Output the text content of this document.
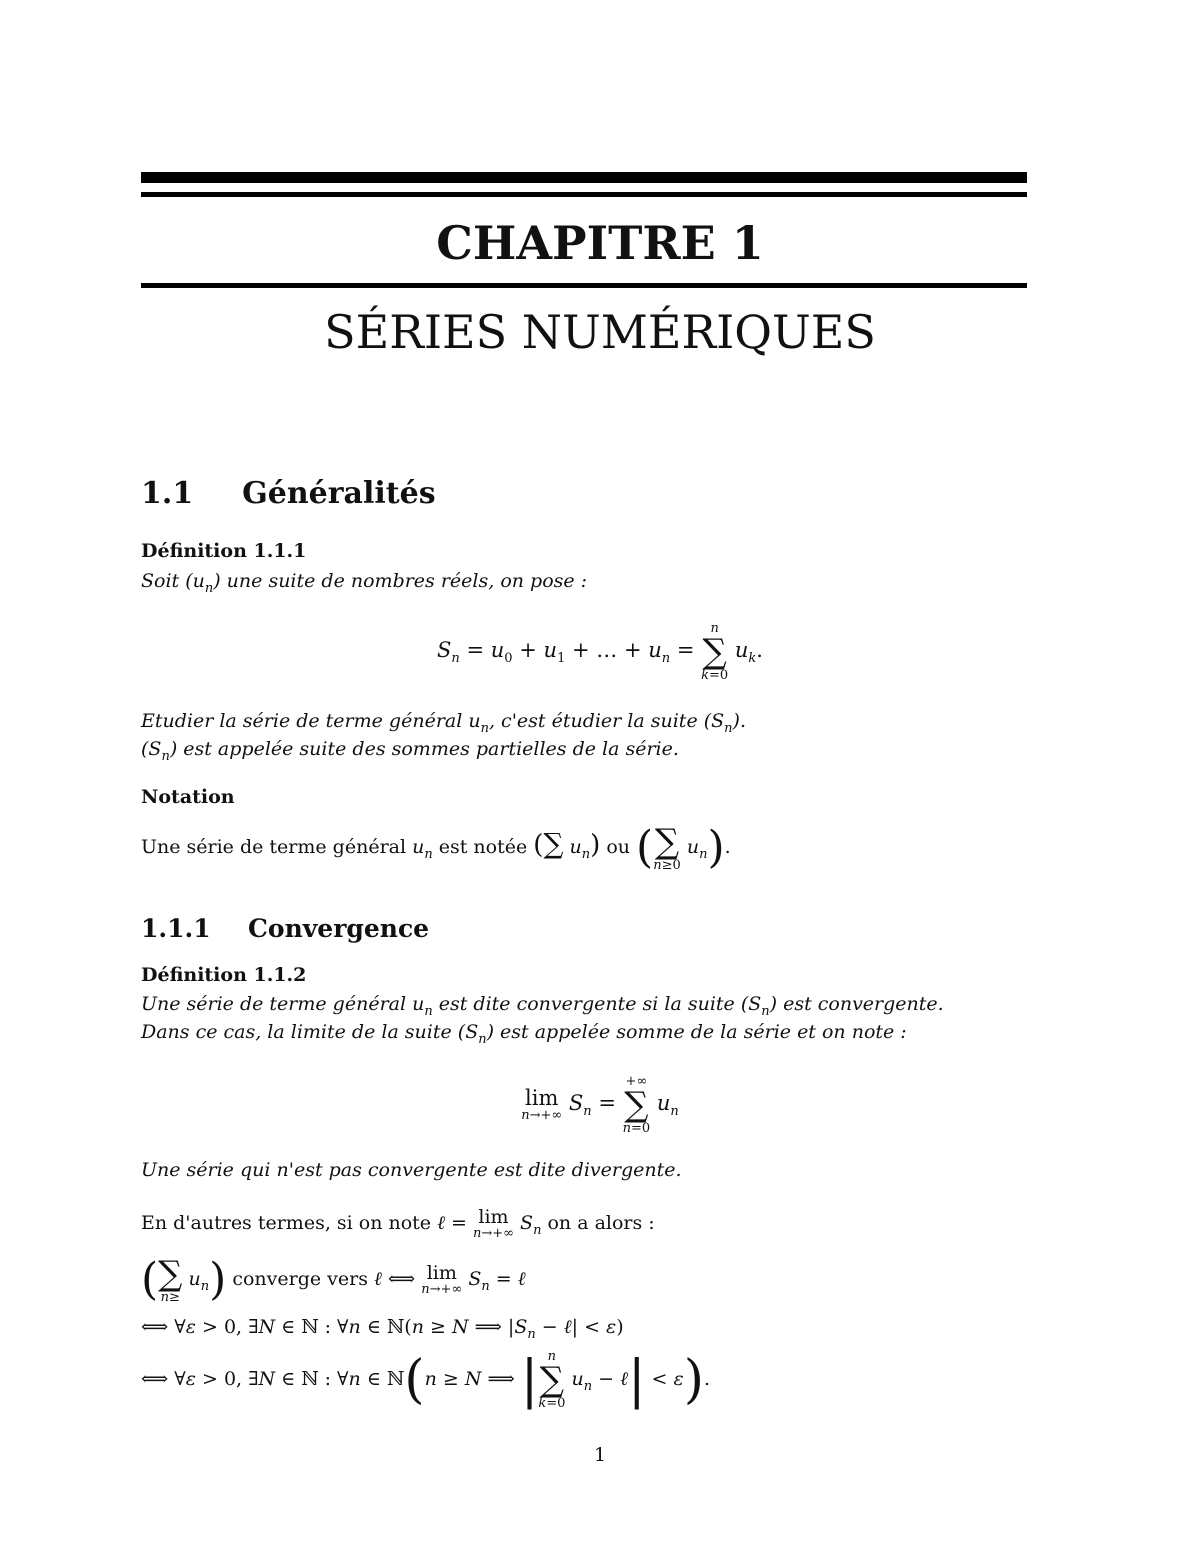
CHAPITRE 1
SÉRIES NUMÉRIQUES
1.1 Généralités
Définition 1.1.1
Soit $(u_n)$ une suite de nombres réels, on pose :
$S_n = u_0 + u_1$ + … + $u_n$ =
n
∑
k=0
$u_k$.
Etudier la série de terme général $u_n$, c'est étudier la suite $(S_n)$.
$(S_n)$ est appelée suite des sommes partielles de la série.
Notation
Une série de terme général $u_n$ est notée (∑ $u_n$) ou ( ∑
n≥0
$u_n$).
1.1.1 Convergence
Définition 1.1.2
Une série de terme général $u_n$ est dite convergente si la suite $(S_n)$ est convergente.
Dans ce cas, la limite de la suite $(S_n)$ est appelée somme de la série et on note :
lim
n→+∞ $S_n$ =
+∞
∑
n=0
$u_n$
Une série qui n'est pas convergente est dite divergente.
En d'autres termes, si on note ℓ = lim
n→+∞ $S_n$ on a alors :
( ∑
n≥
$u_n$) converge vers ℓ ⟺ lim
n→+∞ $S_n$ = ℓ
⟺ ∀ε > 0, ∃N ∈ ℕ : ∀n ∈ ℕ(n ≥ N ⟹ $|S_n$ − ℓ| < ε)
⟺ ∀ε > 0, ∃N ∈ ℕ : ∀n ∈ ℕ(n ≥ N ⟹ | n
∑
k=0
$u_n$ − ℓ| < ε).
1
